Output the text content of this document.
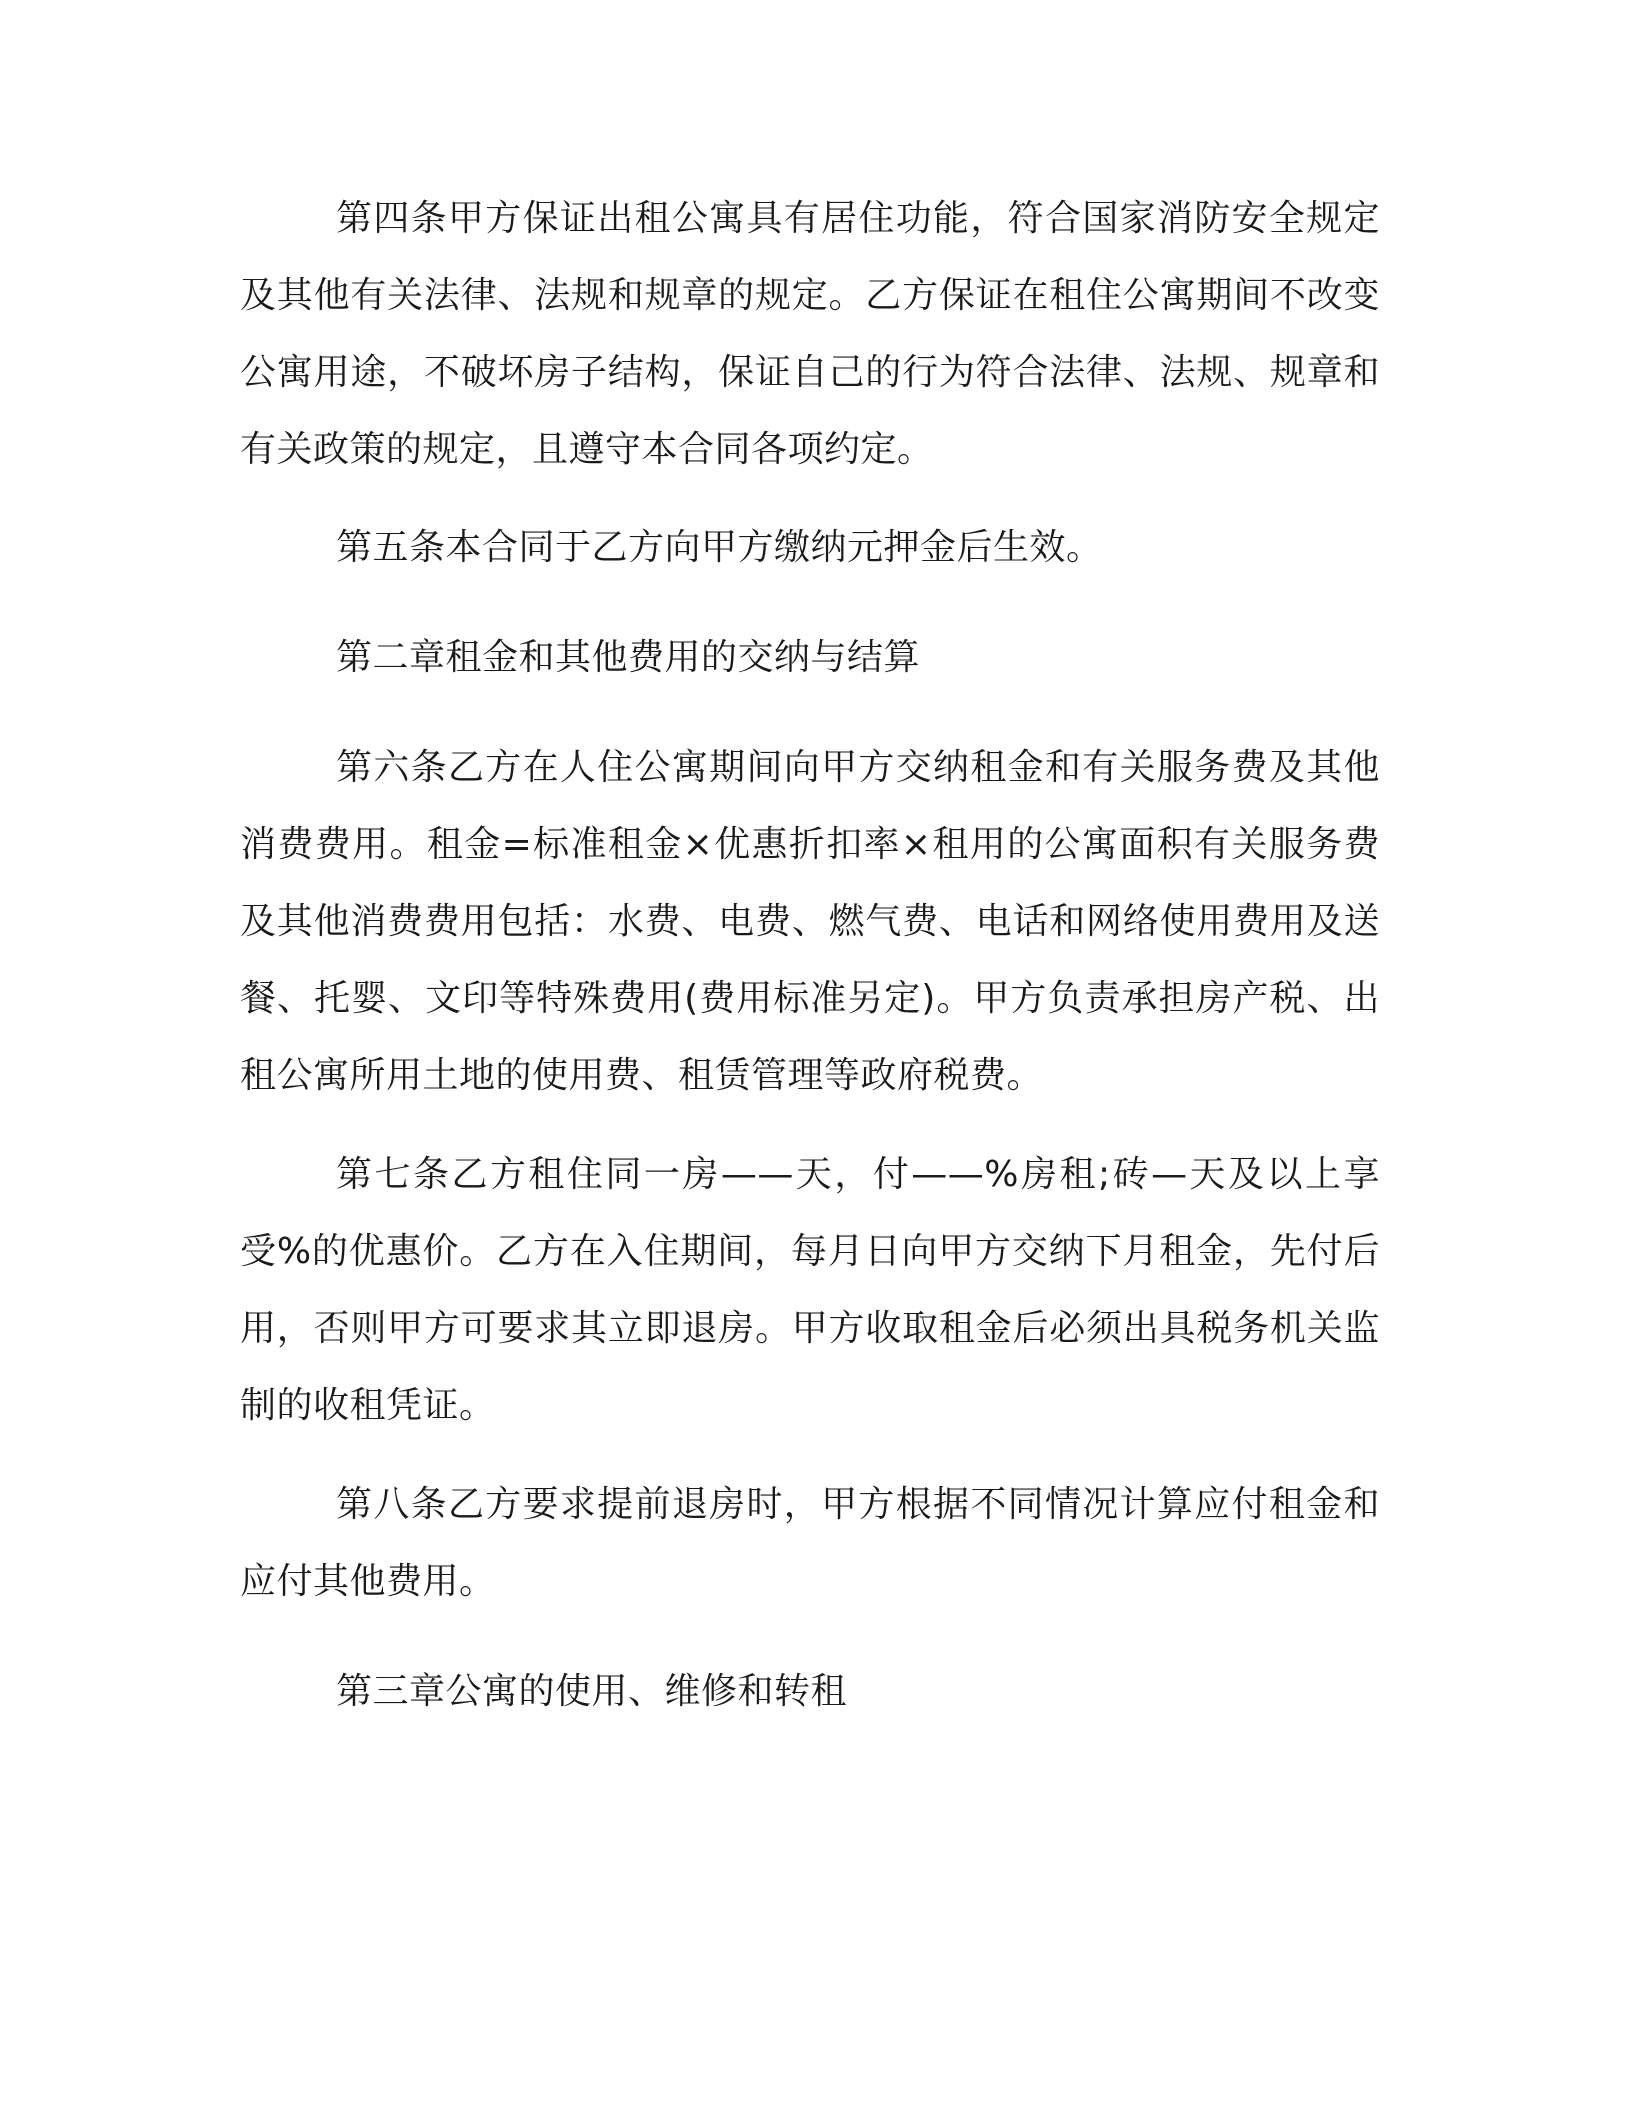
第四条甲方保证出租公寓具有居住功能，符合国家消防安全规定及其他有关法律、法规和规章的规定。乙方保证在租住公寓期间不改变公寓用途，不破坏房子结构，保证自己的行为符合法律、法规、规章和有关政策的规定，且遵守本合同各项约定。

第五条本合同于乙方向甲方缴纳元押金后生效。

第二章租金和其他费用的交纳与结算

第六条乙方在人住公寓期间向甲方交纳租金和有关服务费及其他消费费用。租金=标准租金×优惠折扣率×租用的公寓面积有关服务费及其他消费费用包括：水费、电费、燃气费、电话和网络使用费用及送餐、托婴、文印等特殊费用(费用标准另定)。甲方负责承担房产税、出租公寓所用土地的使用费、租赁管理等政府税费。

第七条乙方租住同一房——天，付——%房租;砖—天及以上享受%的优惠价。乙方在入住期间，每月日向甲方交纳下月租金，先付后用，否则甲方可要求其立即退房。甲方收取租金后必须出具税务机关监制的收租凭证。

第八条乙方要求提前退房时，甲方根据不同情况计算应付租金和应付其他费用。

第三章公寓的使用、维修和转租
